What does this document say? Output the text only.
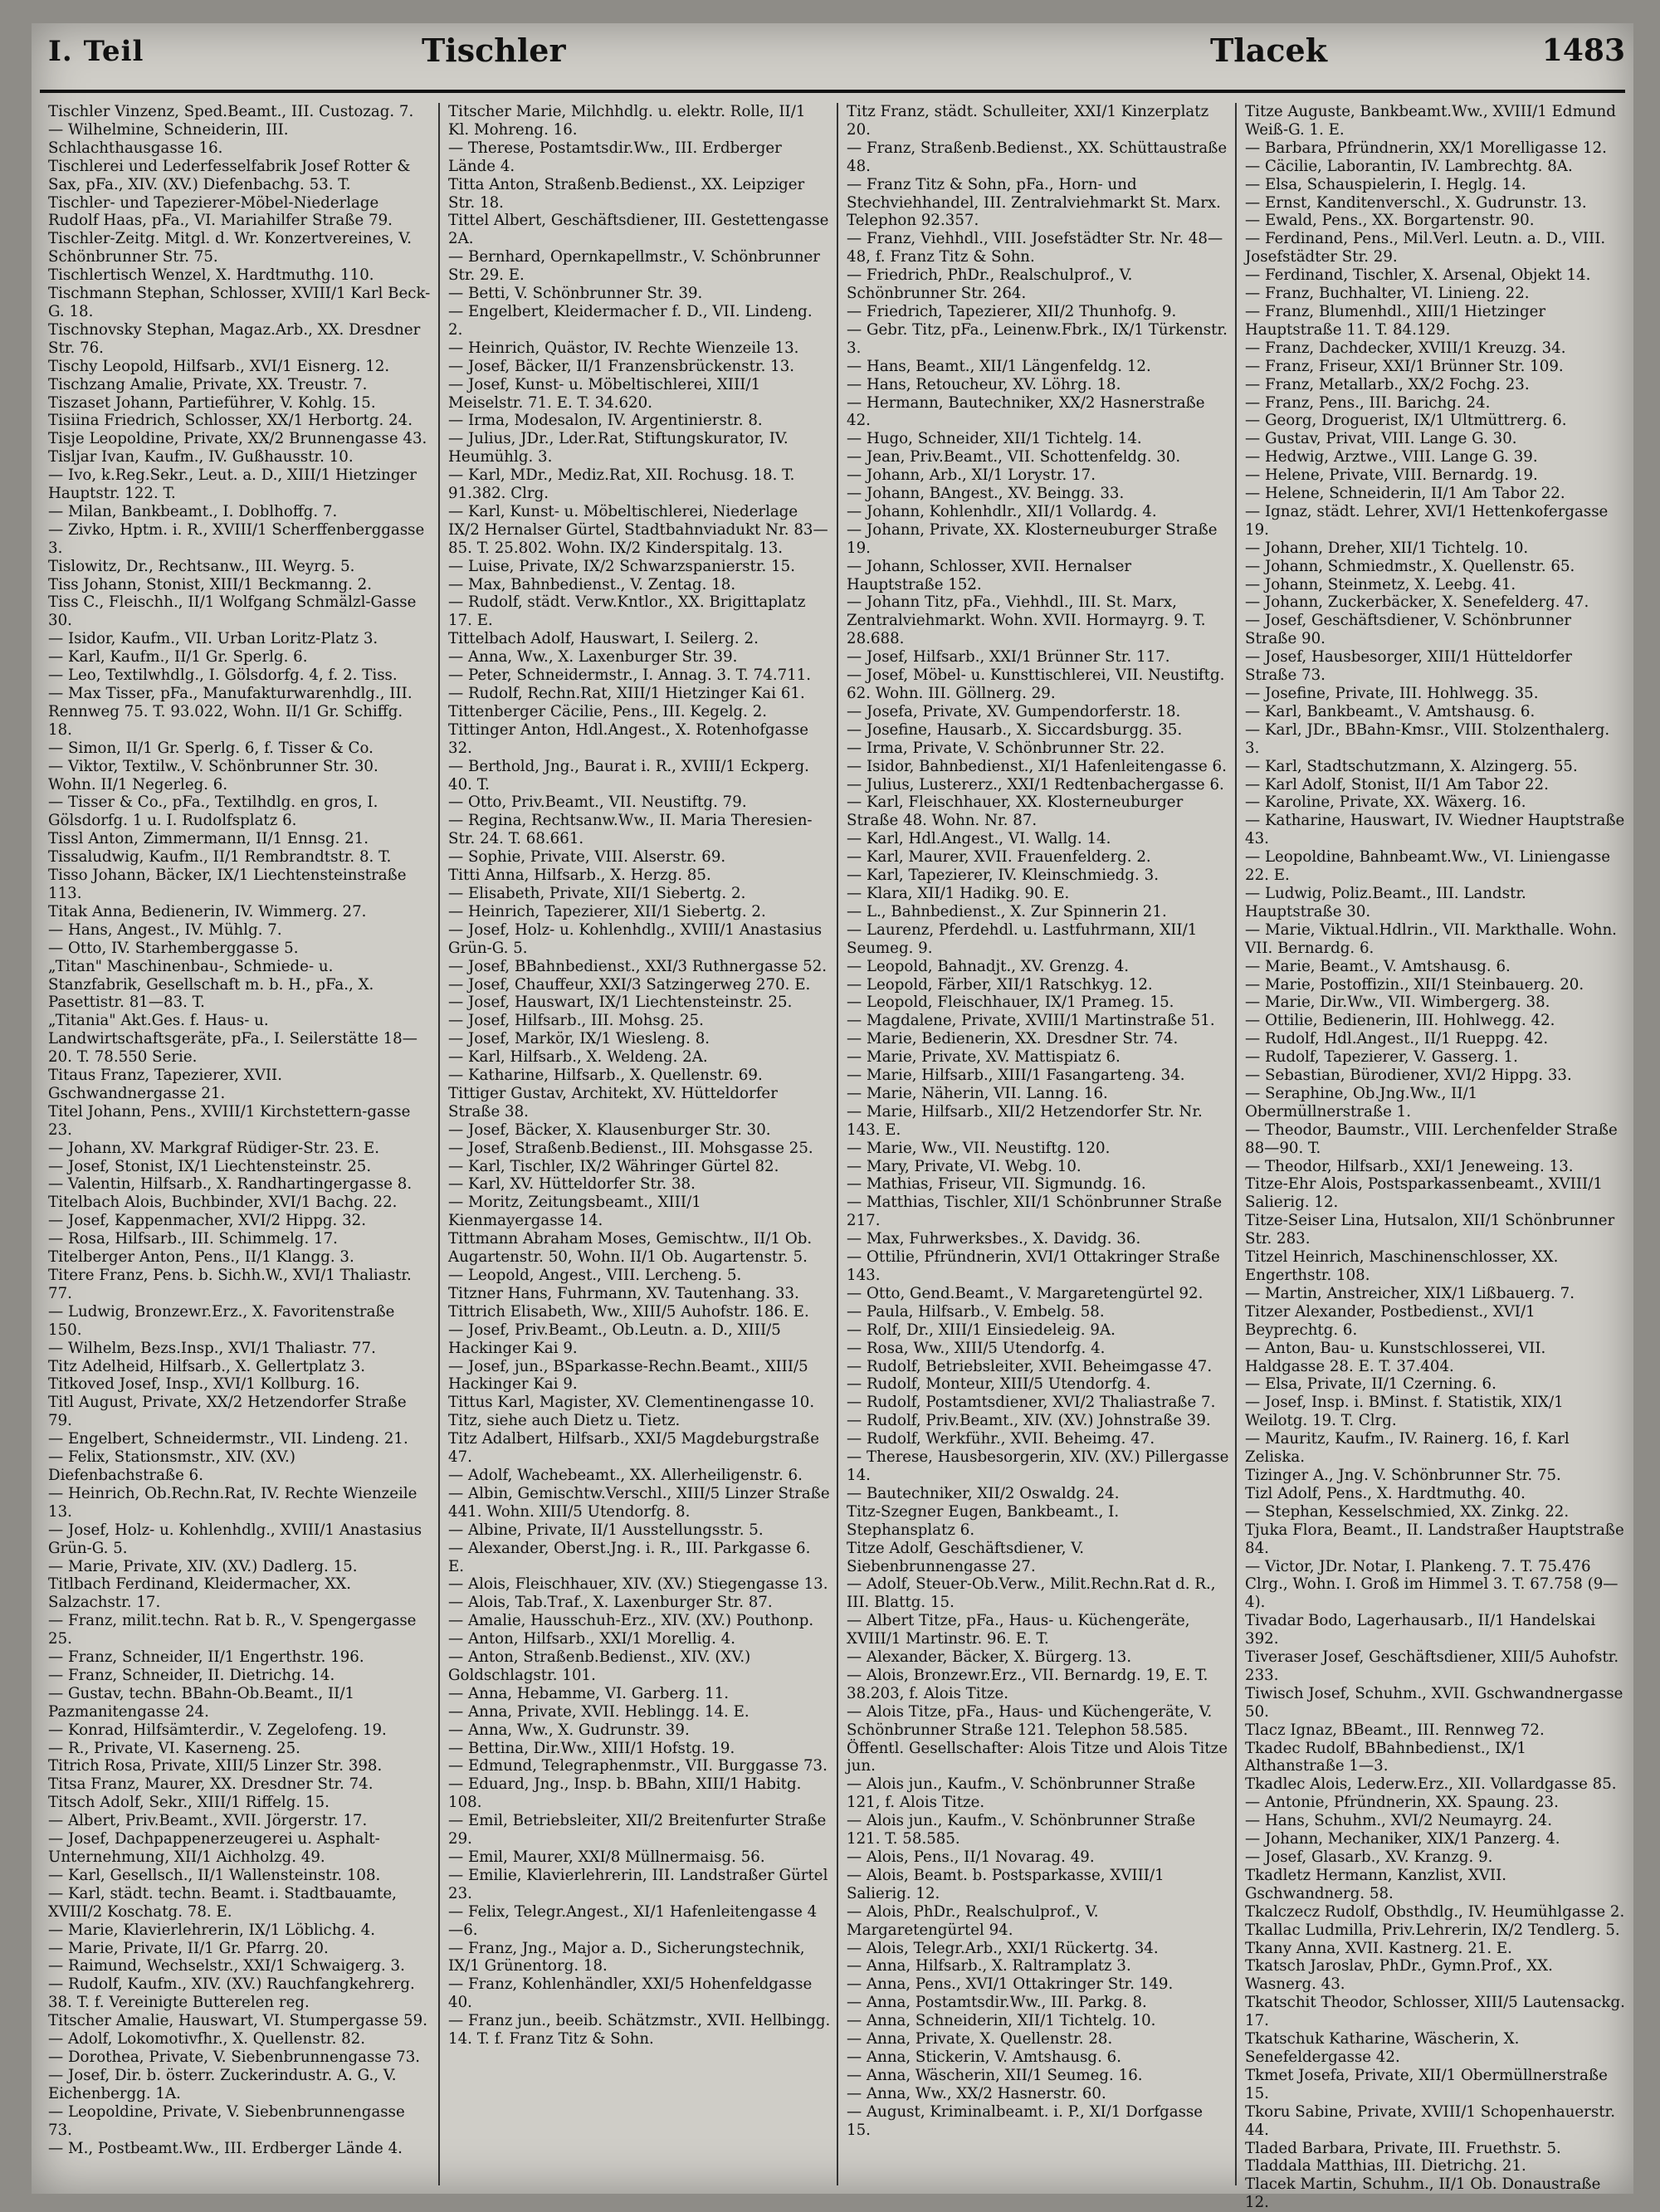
I. Teil	Tischler	Tlacek	1483

Tischler Vinzenz, Sped.Beamt., III. Custozag. 7.

— Wilhelmine, Schneiderin, III. Schlachthausgasse 16.

Tischlerei und Lederfesselfabrik Josef Rotter & Sax, pFa., XIV. (XV.) Diefenbachg. 53. T.

Tischler- und Tapezierer-Möbel-Niederlage Rudolf Haas, pFa., VI. Mariahilfer Straße 79.

Tischler-Zeitg. Mitgl. d. Wr. Konzertvereines, V. Schönbrunner Str. 75.

Tischlertisch Wenzel, X. Hardtmuthg. 110.

Tischmann Stephan, Schlosser, XVIII/1 Karl Beck-G. 18.

Tischnovsky Stephan, Magaz.Arb., XX. Dresdner Str. 76.

Tischy Leopold, Hilfsarb., XVI/1 Eisnerg. 12.

Tischzang Amalie, Private, XX. Treustr. 7.

Tiszaset Johann, Partieführer, V. Kohlg. 15.

Tisiina Friedrich, Schlosser, XX/1 Herbortg. 24.

Tisje Leopoldine, Private, XX/2 Brunnengasse 43.

Tisljar Ivan, Kaufm., IV. Gußhausstr. 10.

— Ivo, k.Reg.Sekr., Leut. a. D., XIII/1 Hietzinger Hauptstr. 122. T.

— Milan, Bankbeamt., I. Doblhoffg. 7.

— Zivko, Hptm. i. R., XVIII/1 Scherffenberggasse 3.

Tislowitz, Dr., Rechtsanw., III. Weyrg. 5.

Tiss Johann, Stonist, XIII/1 Beckmanng. 2.

Tiss C., Fleischh., II/1 Wolfgang Schmälzl-Gasse 30.

— Isidor, Kaufm., VII. Urban Loritz-Platz 3.

— Karl, Kaufm., II/1 Gr. Sperlg. 6.

— Leo, Textilwhdlg., I. Gölsdorfg. 4, f. 2. Tiss.

— Max Tisser, pFa., Manufakturwarenhdlg., III. Rennweg 75. T. 93.022, Wohn. II/1 Gr. Schiffg. 18.

— Simon, II/1 Gr. Sperlg. 6, f. Tisser & Co.

— Viktor, Textilw., V. Schönbrunner Str. 30. Wohn. II/1 Negerleg. 6.

— Tisser & Co., pFa., Textilhdlg. en gros, I. Gölsdorfg. 1 u. I. Rudolfsplatz 6.

Tissl Anton, Zimmermann, II/1 Ennsg. 21.

Tissaludwig, Kaufm., II/1 Rembrandtstr. 8. T.

Tisso Johann, Bäcker, IX/1 Liechtensteinstraße 113.

Titak Anna, Bedienerin, IV. Wimmerg. 27.

— Hans, Angest., IV. Mühlg. 7.

— Otto, IV. Starhemberggasse 5.

„Titan" Maschinenbau-, Schmiede- u. Stanzfabrik, Gesellschaft m. b. H., pFa., X. Pasettistr. 81—83. T.

„Titania" Akt.Ges. f. Haus- u. Landwirtschaftsgeräte, pFa., I. Seilerstätte 18—20. T. 78.550 Serie.

Titaus Franz, Tapezierer, XVII. Gschwandnergasse 21.

Titel Johann, Pens., XVIII/1 Kirchstettern-gasse 23.

— Johann, XV. Markgraf Rüdiger-Str. 23. E.

— Josef, Stonist, IX/1 Liechtensteinstr. 25.

— Valentin, Hilfsarb., X. Randhartingergasse 8.

Titelbach Alois, Buchbinder, XVI/1 Bachg. 22.

— Josef, Kappenmacher, XVI/2 Hippg. 32.

— Rosa, Hilfsarb., III. Schimmelg. 17.

Titelberger Anton, Pens., II/1 Klangg. 3.

Titere Franz, Pens. b. Sichh.W., XVI/1 Thaliastr. 77.

— Ludwig, Bronzewr.Erz., X. Favoritenstraße 150.

— Wilhelm, Bezs.Insp., XVI/1 Thaliastr. 77.

Titz Adelheid, Hilfsarb., X. Gellertplatz 3.

Titkoved Josef, Insp., XVI/1 Kollburg. 16.

Titl August, Private, XX/2 Hetzendorfer Straße 79.

— Engelbert, Schneidermstr., VII. Lindeng. 21.

— Felix, Stationsmstr., XIV. (XV.) Diefenbachstraße 6.

— Heinrich, Ob.Rechn.Rat, IV. Rechte Wienzeile 13.

— Josef, Holz- u. Kohlenhdlg., XVIII/1 Anastasius Grün-G. 5.

— Marie, Private, XIV. (XV.) Dadlerg. 15.

Titlbach Ferdinand, Kleidermacher, XX. Salzachstr. 17.

— Franz, milit.techn. Rat b. R., V. Spengergasse 25.

— Franz, Schneider, II/1 Engerthstr. 196.

— Franz, Schneider, II. Dietrichg. 14.

— Gustav, techn. BBahn-Ob.Beamt., II/1 Pazmanitengasse 24.

— Konrad, Hilfsämterdir., V. Zegelofeng. 19.

— R., Private, VI. Kaserneng. 25.

Titrich Rosa, Private, XIII/5 Linzer Str. 398.

Titsa Franz, Maurer, XX. Dresdner Str. 74.

Titsch Adolf, Sekr., XIII/1 Riffelg. 15.

— Albert, Priv.Beamt., XVII. Jörgerstr. 17.

— Josef, Dachpappenerzeugerei u. Asphalt-Unternehmung, XII/1 Aichholzg. 49.

— Karl, Gesellsch., II/1 Wallensteinstr. 108.

— Karl, städt. techn. Beamt. i. Stadtbauamte, XVIII/2 Koschatg. 78. E.

— Marie, Klavierlehrerin, IX/1 Löblichg. 4.

— Marie, Private, II/1 Gr. Pfarrg. 20.

— Raimund, Wechselstr., XXI/1 Schwaigerg. 3.

— Rudolf, Kaufm., XIV. (XV.) Rauchfangkehrerg. 38. T. f. Vereinigte Butterelen reg.

Titscher Amalie, Hauswart, VI. Stumpergasse 59.

— Adolf, Lokomotivfhr., X. Quellenstr. 82.

— Dorothea, Private, V. Siebenbrunnengasse 73.

— Josef, Dir. b. österr. Zuckerindustr. A. G., V. Eichenbergg. 1A.

— Leopoldine, Private, V. Siebenbrunnengasse 73.

— M., Postbeamt.Ww., III. Erdberger Lände 4.

Titscher Marie, Milchhdlg. u. elektr. Rolle, II/1 Kl. Mohreng. 16.

— Therese, Postamtsdir.Ww., III. Erdberger Lände 4.

Titta Anton, Straßenb.Bedienst., XX. Leipziger Str. 18.

Tittel Albert, Geschäftsdiener, III. Gestettengasse 2A.

— Bernhard, Opernkapellmstr., V. Schönbrunner Str. 29. E.

— Betti, V. Schönbrunner Str. 39.

— Engelbert, Kleidermacher f. D., VII. Lindeng. 2.

— Heinrich, Quästor, IV. Rechte Wienzeile 13.

— Josef, Bäcker, II/1 Franzensbrückenstr. 13.

— Josef, Kunst- u. Möbeltischlerei, XIII/1 Meiselstr. 71. E. T. 34.620.

— Irma, Modesalon, IV. Argentinierstr. 8.

— Julius, JDr., Lder.Rat, Stiftungskurator, IV. Heumühlg. 3.

— Karl, MDr., Mediz.Rat, XII. Rochusg. 18. T. 91.382. Clrg.

— Karl, Kunst- u. Möbeltischlerei, Niederlage IX/2 Hernalser Gürtel, Stadtbahnviadukt Nr. 83—85. T. 25.802. Wohn. IX/2 Kinderspitalg. 13.

— Luise, Private, IX/2 Schwarzspanierstr. 15.

— Max, Bahnbedienst., V. Zentag. 18.

— Rudolf, städt. Verw.Kntlor., XX. Brigittaplatz 17. E.

Tittelbach Adolf, Hauswart, I. Seilerg. 2.

— Anna, Ww., X. Laxenburger Str. 39.

— Peter, Schneidermstr., I. Annag. 3. T. 74.711.

— Rudolf, Rechn.Rat, XIII/1 Hietzinger Kai 61.

Tittenberger Cäcilie, Pens., III. Kegelg. 2.

Tittinger Anton, Hdl.Angest., X. Rotenhofgasse 32.

— Berthold, Jng., Baurat i. R., XVIII/1 Eckperg. 40. T.

— Otto, Priv.Beamt., VII. Neustiftg. 79.

— Regina, Rechtsanw.Ww., II. Maria Theresien-Str. 24. T. 68.661.

— Sophie, Private, VIII. Alserstr. 69.

Titti Anna, Hilfsarb., X. Herzg. 85.

— Elisabeth, Private, XII/1 Siebertg. 2.

— Heinrich, Tapezierer, XII/1 Siebertg. 2.

— Josef, Holz- u. Kohlenhdlg., XVIII/1 Anastasius Grün-G. 5.

— Josef, BBahnbedienst., XXI/3 Ruthnergasse 52.

— Josef, Chauffeur, XXI/3 Satzingerweg 270. E.

— Josef, Hauswart, IX/1 Liechtensteinstr. 25.

— Josef, Hilfsarb., III. Mohsg. 25.

— Josef, Markör, IX/1 Wiesleng. 8.

— Karl, Hilfsarb., X. Weldeng. 2A.

— Katharine, Hilfsarb., X. Quellenstr. 69.

Tittiger Gustav, Architekt, XV. Hütteldorfer Straße 38.

— Josef, Bäcker, X. Klausenburger Str. 30.

— Josef, Straßenb.Bedienst., III. Mohsgasse 25.

— Karl, Tischler, IX/2 Währinger Gürtel 82.

— Karl, XV. Hütteldorfer Str. 38.

— Moritz, Zeitungsbeamt., XIII/1 Kienmayergasse 14.

Tittmann Abraham Moses, Gemischtw., II/1 Ob. Augartenstr. 50, Wohn. II/1 Ob. Augartenstr. 5.

— Leopold, Angest., VIII. Lercheng. 5.

Titzner Hans, Fuhrmann, XV. Tautenhang. 33.

Tittrich Elisabeth, Ww., XIII/5 Auhofstr. 186. E.

— Josef, Priv.Beamt., Ob.Leutn. a. D., XIII/5 Hackinger Kai 9.

— Josef, jun., BSparkasse-Rechn.Beamt., XIII/5 Hackinger Kai 9.

Tittus Karl, Magister, XV. Clementinengasse 10.

Titz, siehe auch Dietz u. Tietz.

Titz Adalbert, Hilfsarb., XXI/5 Magdeburgstraße 47.

— Adolf, Wachebeamt., XX. Allerheiligenstr. 6.

— Albin, Gemischtw.Verschl., XIII/5 Linzer Straße 441. Wohn. XIII/5 Utendorfg. 8.

— Albine, Private, II/1 Ausstellungsstr. 5.

— Alexander, Oberst.Jng. i. R., III. Parkgasse 6. E.

— Alois, Fleischhauer, XIV. (XV.) Stiegengasse 13.

— Alois, Tab.Traf., X. Laxenburger Str. 87.

— Amalie, Hausschuh-Erz., XIV. (XV.) Pouthonp.

— Anton, Hilfsarb., XXI/1 Morellig. 4.

— Anton, Straßenb.Bedienst., XIV. (XV.) Goldschlagstr. 101.

— Anna, Hebamme, VI. Garberg. 11.

— Anna, Private, XVII. Heblingg. 14. E.

— Anna, Ww., X. Gudrunstr. 39.

— Bettina, Dir.Ww., XIII/1 Hofstg. 19.

— Edmund, Telegraphenmstr., VII. Burggasse 73.

— Eduard, Jng., Insp. b. BBahn, XIII/1 Habitg. 108.

— Emil, Betriebsleiter, XII/2 Breitenfurter Straße 29.

— Emil, Maurer, XXI/8 Müllnermaisg. 56.

— Emilie, Klavierlehrerin, III. Landstraßer Gürtel 23.

— Felix, Telegr.Angest., XI/1 Hafenleitengasse 4—6.

— Franz, Jng., Major a. D., Sicherungstechnik, IX/1 Grünentorg. 18.

— Franz, Kohlenhändler, XXI/5 Hohenfeldgasse 40.

— Franz jun., beeib. Schätzmstr., XVII. Hellbingg. 14. T. f. Franz Titz & Sohn.

Titz Franz, städt. Schulleiter, XXI/1 Kinzerplatz 20.

— Franz, Straßenb.Bedienst., XX. Schüttaustraße 48.

— Franz Titz & Sohn, pFa., Horn- und Stechviehhandel, III. Zentralviehmarkt St. Marx. Telephon 92.357.

— Franz, Viehhdl., VIII. Josefstädter Str. Nr. 48—48, f. Franz Titz & Sohn.

— Friedrich, PhDr., Realschulprof., V. Schönbrunner Str. 264.

— Friedrich, Tapezierer, XII/2 Thunhofg. 9.

— Gebr. Titz, pFa., Leinenw.Fbrk., IX/1 Türkenstr. 3.

— Hans, Beamt., XII/1 Längenfeldg. 12.

— Hans, Retoucheur, XV. Löhrg. 18.

— Hermann, Bautechniker, XX/2 Hasnerstraße 42.

— Hugo, Schneider, XII/1 Tichtelg. 14.

— Jean, Priv.Beamt., VII. Schottenfeldg. 30.

— Johann, Arb., XI/1 Lorystr. 17.

— Johann, BAngest., XV. Beingg. 33.

— Johann, Kohlenhdlr., XII/1 Vollardg. 4.

— Johann, Private, XX. Klosterneuburger Straße 19.

— Johann, Schlosser, XVII. Hernalser Hauptstraße 152.

— Johann Titz, pFa., Viehhdl., III. St. Marx, Zentralviehmarkt. Wohn. XVII. Hormayrg. 9. T. 28.688.

— Josef, Hilfsarb., XXI/1 Brünner Str. 117.

— Josef, Möbel- u. Kunsttischlerei, VII. Neustiftg. 62. Wohn. III. Göllnerg. 29.

— Josefa, Private, XV. Gumpendorferstr. 18.

— Josefine, Hausarb., X. Siccardsburgg. 35.

— Irma, Private, V. Schönbrunner Str. 22.

— Isidor, Bahnbedienst., XI/1 Hafenleitengasse 6.

— Julius, Lustererz., XXI/1 Redtenbachergasse 6.

— Karl, Fleischhauer, XX. Klosterneuburger Straße 48. Wohn. Nr. 87.

— Karl, Hdl.Angest., VI. Wallg. 14.

— Karl, Maurer, XVII. Frauenfelderg. 2.

— Karl, Tapezierer, IV. Kleinschmiedg. 3.

— Klara, XII/1 Hadikg. 90. E.

— L., Bahnbedienst., X. Zur Spinnerin 21.

— Laurenz, Pferdehdl. u. Lastfuhrmann, XII/1 Seumeg. 9.

— Leopold, Bahnadjt., XV. Grenzg. 4.

— Leopold, Färber, XII/1 Ratschkyg. 12.

— Leopold, Fleischhauer, IX/1 Prameg. 15.

— Magdalene, Private, XVIII/1 Martinstraße 51.

— Marie, Bedienerin, XX. Dresdner Str. 74.

— Marie, Private, XV. Mattispiatz 6.

— Marie, Hilfsarb., XIII/1 Fasangarteng. 34.

— Marie, Näherin, VII. Lanng. 16.

— Marie, Hilfsarb., XII/2 Hetzendorfer Str. Nr. 143. E.

— Marie, Ww., VII. Neustiftg. 120.

— Mary, Private, VI. Webg. 10.

— Mathias, Friseur, VII. Sigmundg. 16.

— Matthias, Tischler, XII/1 Schönbrunner Straße 217.

— Max, Fuhrwerksbes., X. Davidg. 36.

— Ottilie, Pfründnerin, XVI/1 Ottakringer Straße 143.

— Otto, Gend.Beamt., V. Margaretengürtel 92.

— Paula, Hilfsarb., V. Embelg. 58.

— Rolf, Dr., XIII/1 Einsiedeleig. 9A.

— Rosa, Ww., XIII/5 Utendorfg. 4.

— Rudolf, Betriebsleiter, XVII. Beheimgasse 47.

— Rudolf, Monteur, XIII/5 Utendorfg. 4.

— Rudolf, Postamtsdiener, XVI/2 Thaliastraße 7.

— Rudolf, Priv.Beamt., XIV. (XV.) Johnstraße 39.

— Rudolf, Werkführ., XVII. Beheimg. 47.

— Therese, Hausbesorgerin, XIV. (XV.) Pillergasse 14.

— Bautechniker, XII/2 Oswaldg. 24.

Titz-Szegner Eugen, Bankbeamt., I. Stephansplatz 6.

Titze Adolf, Geschäftsdiener, V. Siebenbrunnengasse 27.

— Adolf, Steuer-Ob.Verw., Milit.Rechn.Rat d. R., III. Blattg. 15.

— Albert Titze, pFa., Haus- u. Küchengeräte, XVIII/1 Martinstr. 96. E. T.

— Alexander, Bäcker, X. Bürgerg. 13.

— Alois, Bronzewr.Erz., VII. Bernardg. 19, E. T. 38.203, f. Alois Titze.

— Alois Titze, pFa., Haus- und Küchengeräte, V. Schönbrunner Straße 121. Telephon 58.585. Öffentl. Gesellschafter: Alois Titze und Alois Titze jun.

— Alois jun., Kaufm., V. Schönbrunner Straße 121, f. Alois Titze.

— Alois jun., Kaufm., V. Schönbrunner Straße 121. T. 58.585.

— Alois, Pens., II/1 Novarag. 49.

— Alois, Beamt. b. Postsparkasse, XVIII/1 Salierig. 12.

— Alois, PhDr., Realschulprof., V. Margaretengürtel 94.

— Alois, Telegr.Arb., XXI/1 Rückertg. 34.

— Anna, Hilfsarb., X. Raltramplatz 3.

— Anna, Pens., XVI/1 Ottakringer Str. 149.

— Anna, Postamtsdir.Ww., III. Parkg. 8.

— Anna, Schneiderin, XII/1 Tichtelg. 10.

— Anna, Private, X. Quellenstr. 28.

— Anna, Stickerin, V. Amtshausg. 6.

— Anna, Wäscherin, XII/1 Seumeg. 16.

— Anna, Ww., XX/2 Hasnerstr. 60.

— August, Kriminalbeamt. i. P., XI/1 Dorfgasse 15.

Titze Auguste, Bankbeamt.Ww., XVIII/1 Edmund Weiß-G. 1. E.

— Barbara, Pfründnerin, XX/1 Morelligasse 12.

— Cäcilie, Laborantin, IV. Lambrechtg. 8A.

— Elsa, Schauspielerin, I. Heglg. 14.

— Ernst, Kanditenverschl., X. Gudrunstr. 13.

— Ewald, Pens., XX. Borgartenstr. 90.

— Ferdinand, Pens., Mil.Verl. Leutn. a. D., VIII. Josefstädter Str. 29.

— Ferdinand, Tischler, X. Arsenal, Objekt 14.

— Franz, Buchhalter, VI. Linieng. 22.

— Franz, Blumenhdl., XIII/1 Hietzinger Hauptstraße 11. T. 84.129.

— Franz, Dachdecker, XVIII/1 Kreuzg. 34.

— Franz, Friseur, XXI/1 Brünner Str. 109.

— Franz, Metallarb., XX/2 Fochg. 23.

— Franz, Pens., III. Barichg. 24.

— Georg, Droguerist, IX/1 Ultmüttrerg. 6.

— Gustav, Privat, VIII. Lange G. 30.

— Hedwig, Arztwe., VIII. Lange G. 39.

— Helene, Private, VIII. Bernardg. 19.

— Helene, Schneiderin, II/1 Am Tabor 22.

— Ignaz, städt. Lehrer, XVI/1 Hettenkofergasse 19.

— Johann, Dreher, XII/1 Tichtelg. 10.

— Johann, Schmiedmstr., X. Quellenstr. 65.

— Johann, Steinmetz, X. Leebg. 41.

— Johann, Zuckerbäcker, X. Senefelderg. 47.

— Josef, Geschäftsdiener, V. Schönbrunner Straße 90.

— Josef, Hausbesorger, XIII/1 Hütteldorfer Straße 73.

— Josefine, Private, III. Hohlwegg. 35.

— Karl, Bankbeamt., V. Amtshausg. 6.

— Karl, JDr., BBahn-Kmsr., VIII. Stolzenthalerg. 3.

— Karl, Stadtschutzmann, X. Alzingerg. 55.

— Karl Adolf, Stonist, II/1 Am Tabor 22.

— Karoline, Private, XX. Wäxerg. 16.

— Katharine, Hauswart, IV. Wiedner Hauptstraße 43.

— Leopoldine, Bahnbeamt.Ww., VI. Liniengasse 22. E.

— Ludwig, Poliz.Beamt., III. Landstr. Hauptstraße 30.

— Marie, Viktual.Hdlrin., VII. Markthalle. Wohn. VII. Bernardg. 6.

— Marie, Beamt., V. Amtshausg. 6.

— Marie, Postoffizin., XII/1 Steinbauerg. 20.

— Marie, Dir.Ww., VII. Wimbergerg. 38.

— Ottilie, Bedienerin, III. Hohlwegg. 42.

— Rudolf, Hdl.Angest., II/1 Rueppg. 42.

— Rudolf, Tapezierer, V. Gasserg. 1.

— Sebastian, Bürodiener, XVI/2 Hippg. 33.

— Seraphine, Ob.Jng.Ww., II/1 Obermüllnerstraße 1.

— Theodor, Baumstr., VIII. Lerchenfelder Straße 88—90. T.

— Theodor, Hilfsarb., XXI/1 Jeneweing. 13.

Titze-Ehr Alois, Postsparkassenbeamt., XVIII/1 Salierig. 12.

Titze-Seiser Lina, Hutsalon, XII/1 Schönbrunner Str. 283.

Titzel Heinrich, Maschinenschlosser, XX. Engerthstr. 108.

— Martin, Anstreicher, XIX/1 Lißbauerg. 7.

Titzer Alexander, Postbedienst., XVI/1 Beyprechtg. 6.

— Anton, Bau- u. Kunstschlosserei, VII. Haldgasse 28. E. T. 37.404.

— Elsa, Private, II/1 Czerning. 6.

— Josef, Insp. i. BMinst. f. Statistik, XIX/1 Weilotg. 19. T. Clrg.

— Mauritz, Kaufm., IV. Rainerg. 16, f. Karl Zeliska.

Tizinger A., Jng. V. Schönbrunner Str. 75.

Tizl Adolf, Pens., X. Hardtmuthg. 40.

— Stephan, Kesselschmied, XX. Zinkg. 22.

Tjuka Flora, Beamt., II. Landstraßer Hauptstraße 84.

— Victor, JDr. Notar, I. Plankeng. 7. T. 75.476 Clrg., Wohn. I. Groß im Himmel 3. T. 67.758 (9—4).

Tivadar Bodo, Lagerhausarb., II/1 Handelskai 392.

Tiveraser Josef, Geschäftsdiener, XIII/5 Auhofstr. 233.

Tiwisch Josef, Schuhm., XVII. Gschwandnergasse 50.

Tlacz Ignaz, BBeamt., III. Rennweg 72.

Tkadec Rudolf, BBahnbedienst., IX/1 Althanstraße 1—3.

Tkadlec Alois, Lederw.Erz., XII. Vollardgasse 85.

— Antonie, Pfründnerin, XX. Spaung. 23.

— Hans, Schuhm., XVI/2 Neumayrg. 24.

— Johann, Mechaniker, XIX/1 Panzerg. 4.

— Josef, Glasarb., XV. Kranzg. 9.

Tkadletz Hermann, Kanzlist, XVII. Gschwandnerg. 58.

Tkalczecz Rudolf, Obsthdlg., IV. Heumühlgasse 2.

Tkallac Ludmilla, Priv.Lehrerin, IX/2 Tendlerg. 5.

Tkany Anna, XVII. Kastnerg. 21. E.

Tkatsch Jaroslav, PhDr., Gymn.Prof., XX. Wasnerg. 43.

Tkatschit Theodor, Schlosser, XIII/5 Lautensackg. 17.

Tkatschuk Katharine, Wäscherin, X. Senefeldergasse 42.

Tkmet Josefa, Private, XII/1 Obermüllnerstraße 15.

Tkoru Sabine, Private, XVIII/1 Schopenhauerstr. 44.

Tladed Barbara, Private, III. Fruethstr. 5.

Tladdala Matthias, III. Dietrichg. 21.

Tlacek Martin, Schuhm., II/1 Ob. Donaustraße 12.
